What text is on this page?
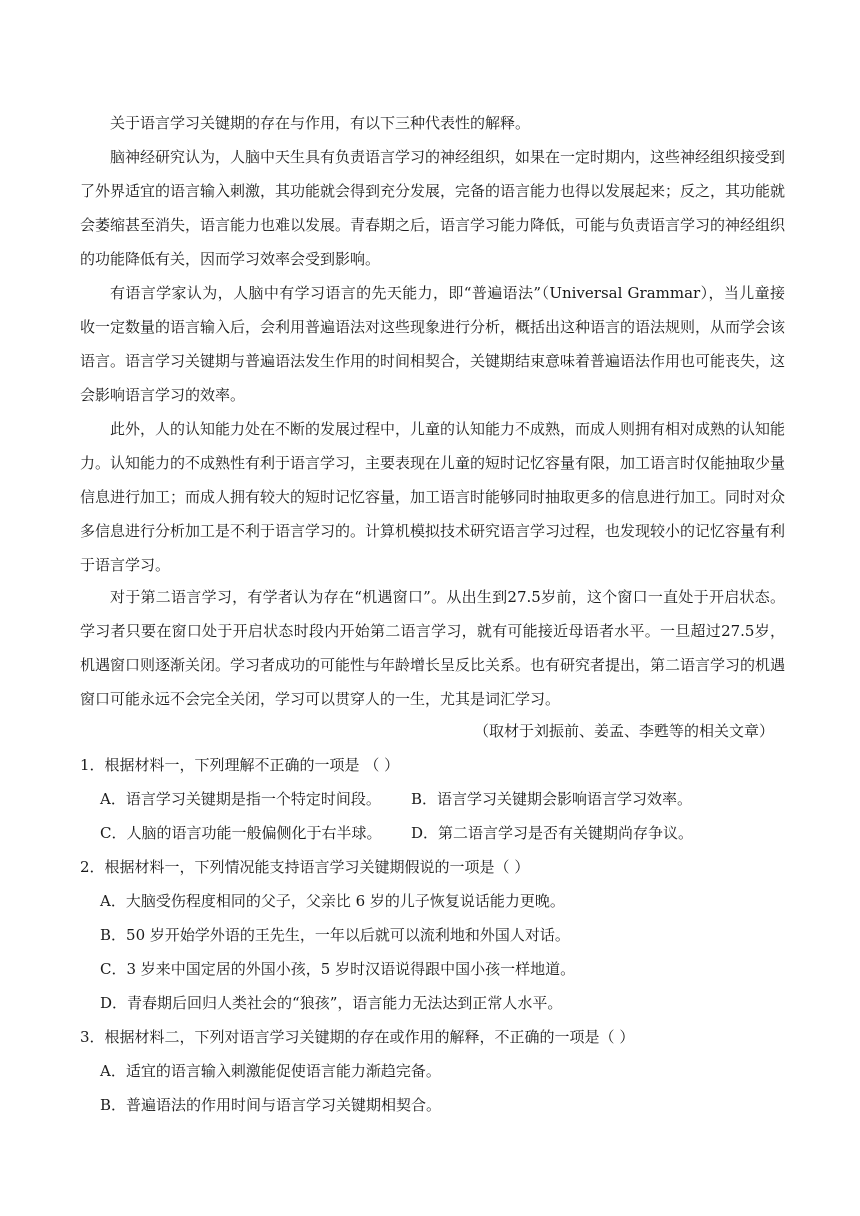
关于语言学习关键期的存在与作用，有以下三种代表性的解释。

脑神经研究认为，人脑中天生具有负责语言学习的神经组织，如果在一定时期内，这些神经组织接受到了外界适宜的语言输入刺激，其功能就会得到充分发展，完备的语言能力也得以发展起来；反之，其功能就会萎缩甚至消失，语言能力也难以发展。青春期之后，语言学习能力降低，可能与负责语言学习的神经组织的功能降低有关，因而学习效率会受到影响。

有语言学家认为，人脑中有学习语言的先天能力，即“普遍语法”（Universal Grammar），当儿童接收一定数量的语言输入后，会利用普遍语法对这些现象进行分析，概括出这种语言的语法规则，从而学会该语言。语言学习关键期与普遍语法发生作用的时间相契合，关键期结束意味着普遍语法作用也可能丧失，这会影响语言学习的效率。

此外，人的认知能力处在不断的发展过程中，儿童的认知能力不成熟，而成人则拥有相对成熟的认知能力。认知能力的不成熟性有利于语言学习，主要表现在儿童的短时记忆容量有限，加工语言时仅能抽取少量信息进行加工；而成人拥有较大的短时记忆容量，加工语言时能够同时抽取更多的信息进行加工。同时对众多信息进行分析加工是不利于语言学习的。计算机模拟技术研究语言学习过程，也发现较小的记忆容量有利于语言学习。

对于第二语言学习，有学者认为存在“机遇窗口”。从出生到27.5岁前，这个窗口一直处于开启状态。学习者只要在窗口处于开启状态时段内开始第二语言学习，就有可能接近母语者水平。一旦超过27.5岁，机遇窗口则逐渐关闭。学习者成功的可能性与年龄增长呈反比关系。也有研究者提出，第二语言学习的机遇窗口可能永远不会完全关闭，学习可以贯穿人的一生，尤其是词汇学习。

（取材于刘振前、姜孟、李甦等的相关文章）

1．根据材料一，下列理解不正确的一项是 （ ）

A．语言学习关键期是指一个特定时间段。 B．语言学习关键期会影响语言学习效率。

C．人脑的语言功能一般偏侧化于右半球。 D．第二语言学习是否有关键期尚存争议。

2．根据材料一，下列情况能支持语言学习关键期假说的一项是（ ）

A．大脑受伤程度相同的父子，父亲比 6 岁的儿子恢复说话能力更晚。

B．50 岁开始学外语的王先生，一年以后就可以流利地和外国人对话。

C．3 岁来中国定居的外国小孩，5 岁时汉语说得跟中国小孩一样地道。

D．青春期后回归人类社会的“狼孩”，语言能力无法达到正常人水平。

3．根据材料二，下列对语言学习关键期的存在或作用的解释，不正确的一项是（ ）

A．适宜的语言输入刺激能促使语言能力渐趋完备。

B．普遍语法的作用时间与语言学习关键期相契合。
